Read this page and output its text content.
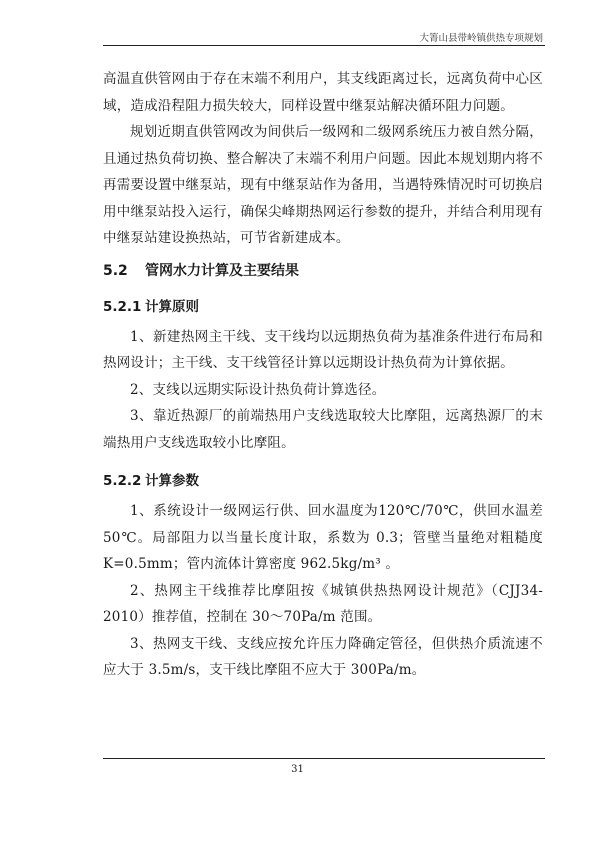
大箐山县带岭镇供热专项规划

高温直供管网由于存在末端不利用户，其支线距离过长，远离负荷中心区域，造成沿程阻力损失较大，同样设置中继泵站解决循环阻力问题。

规划近期直供管网改为间供后一级网和二级网系统压力被自然分隔，且通过热负荷切换、整合解决了末端不利用户问题。因此本规划期内将不再需要设置中继泵站，现有中继泵站作为备用，当遇特殊情况时可切换启用中继泵站投入运行，确保尖峰期热网运行参数的提升，并结合利用现有中继泵站建设换热站，可节省新建成本。

5.2 管网水力计算及主要结果
5.2.1 计算原则

1、新建热网主干线、支干线均以远期热负荷为基准条件进行布局和热网设计；主干线、支干线管径计算以远期设计热负荷为计算依据。

2、支线以远期实际设计热负荷计算选径。

3、靠近热源厂的前端热用户支线选取较大比摩阻，远离热源厂的末端热用户支线选取较小比摩阻。

5.2.2 计算参数

1、系统设计一级网运行供、回水温度为120℃/70℃，供回水温差 50℃。局部阻力以当量长度计取，系数为 0.3；管壁当量绝对粗糙度 K=0.5mm；管内流体计算密度 962.5kg/m³ 。

2、热网主干线推荐比摩阻按《城镇供热热网设计规范》（CJJ34-2010）推荐值，控制在 30～70Pa/m 范围。

3、热网支干线、支线应按允许压力降确定管径，但供热介质流速不应大于 3.5m/s，支干线比摩阻不应大于 300Pa/m。

31
